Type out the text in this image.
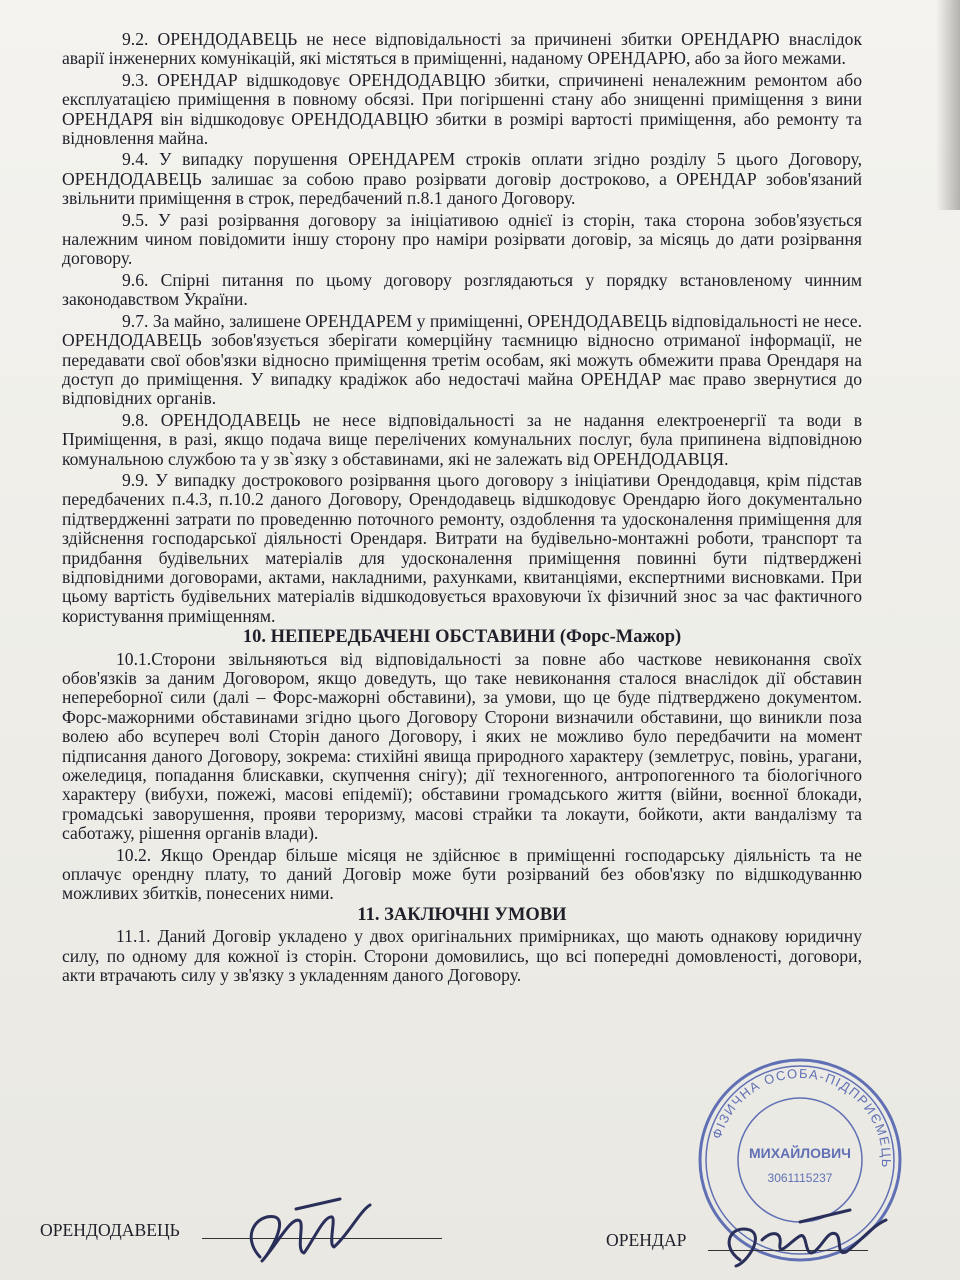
9.2. ОРЕНДОДАВЕЦЬ не несе відповідальності за причинені збитки ОРЕНДАРЮ внаслідок аварії інженерних комунікацій, які містяться в приміщенні, наданому ОРЕНДАРЮ, або за його межами.

9.3. ОРЕНДАР відшкодовує ОРЕНДОДАВЦЮ збитки, спричинені неналежним ремонтом або експлуатацією приміщення в повному обсязі. При погіршенні стану або знищенні приміщення з вини ОРЕНДАРЯ він відшкодовує ОРЕНДОДАВЦЮ збитки в розмірі вартості приміщення, або ремонту та відновлення майна.

9.4. У випадку порушення ОРЕНДАРЕМ строків оплати згідно розділу 5 цього Договору, ОРЕНДОДАВЕЦЬ залишає за собою право розірвати договір достроково, а ОРЕНДАР зобов'язаний звільнити приміщення в строк, передбачений п.8.1 даного Договору.

9.5. У разі розірвання договору за ініціативою однієї із сторін, така сторона зобов'язується належним чином повідомити іншу сторону про наміри розірвати договір, за місяць до дати розірвання договору.

9.6. Спірні питання по цьому договору розглядаються у порядку встановленому чинним законодавством України.

9.7. За майно, залишене ОРЕНДАРЕМ у приміщенні, ОРЕНДОДАВЕЦЬ відповідальності не несе. ОРЕНДОДАВЕЦЬ зобов'язується зберігати комерційну таємницю відносно отриманої інформації, не передавати свої обов'язки відносно приміщення третім особам, які можуть обмежити права Орендаря на доступ до приміщення. У випадку крадіжок або недостачі майна ОРЕНДАР має право звернутися до відповідних органів.

9.8. ОРЕНДОДАВЕЦЬ не несе відповідальності за не надання електроенергії та води в Приміщення, в разі, якщо подача вище перелічених комунальних послуг, була припинена відповідною комунальною службою та у зв`язку з обставинами, які не залежать від ОРЕНДОДАВЦЯ.

9.9. У випадку дострокового розірвання цього договору з ініціативи Орендодавця, крім підстав передбачених п.4.3, п.10.2 даного Договору, Орендодавець відшкодовує Орендарю його документально підтвердженні затрати по проведенню поточного ремонту, оздоблення та удосконалення приміщення для здійснення господарської діяльності Орендаря. Витрати на будівельно-монтажні роботи, транспорт та придбання будівельних матеріалів для удосконалення приміщення повинні бути підтверджені відповідними договорами, актами, накладними, рахунками, квитанціями, експертними висновками. При цьому вартість будівельних матеріалів відшкодовується враховуючи їх фізичний знос за час фактичного користування приміщенням.

10. НЕПЕРЕДБАЧЕНІ ОБСТАВИНИ (Форс-Мажор)

10.1.Сторони звільняються від відповідальності за повне або часткове невиконання своїх обов'язків за даним Договором, якщо доведуть, що таке невиконання сталося внаслідок дії обставин непереборної сили (далі – Форс-мажорні обставини), за умови, що це буде підтверджено документом. Форс-мажорними обставинами згідно цього Договору Сторони визначили обставини, що виникли поза волею або всупереч волі Сторін даного Договору, і яких не можливо було передбачити на момент підписання даного Договору, зокрема: стихійні явища природного характеру (землетрус, повінь, урагани, ожеледиця, попадання блискавки, скупчення снігу); дії техногенного, антропогенного та біологічного характеру (вибухи, пожежі, масові епідемії); обставини громадського життя (війни, воєнної блокади, громадські заворушення, прояви тероризму, масові страйки та локаути, бойкоти, акти вандалізму та саботажу, рішення органів влади).

10.2. Якщо Орендар більше місяця не здійснює в приміщенні господарську діяльність та не оплачує орендну плату, то даний Договір може бути розірваний без обов'язку по відшкодуванню можливих збитків, понесених ними.

11. ЗАКЛЮЧНІ УМОВИ

11.1. Даний Договір укладено у двох оригінальних примірниках, що мають однакову юридичну силу, по одному для кожної із сторін. Сторони домовились, що всі попередні домовленості, договори, акти втрачають силу у зв'язку з укладенням даного Договору.

ФІЗИЧНА ОСОБА-ПІДПРИЄМЕЦЬ
МИХАЙЛОВИЧ
3061115237
ОРЕНДОДАВЕЦЬ	ОРЕНДАР
